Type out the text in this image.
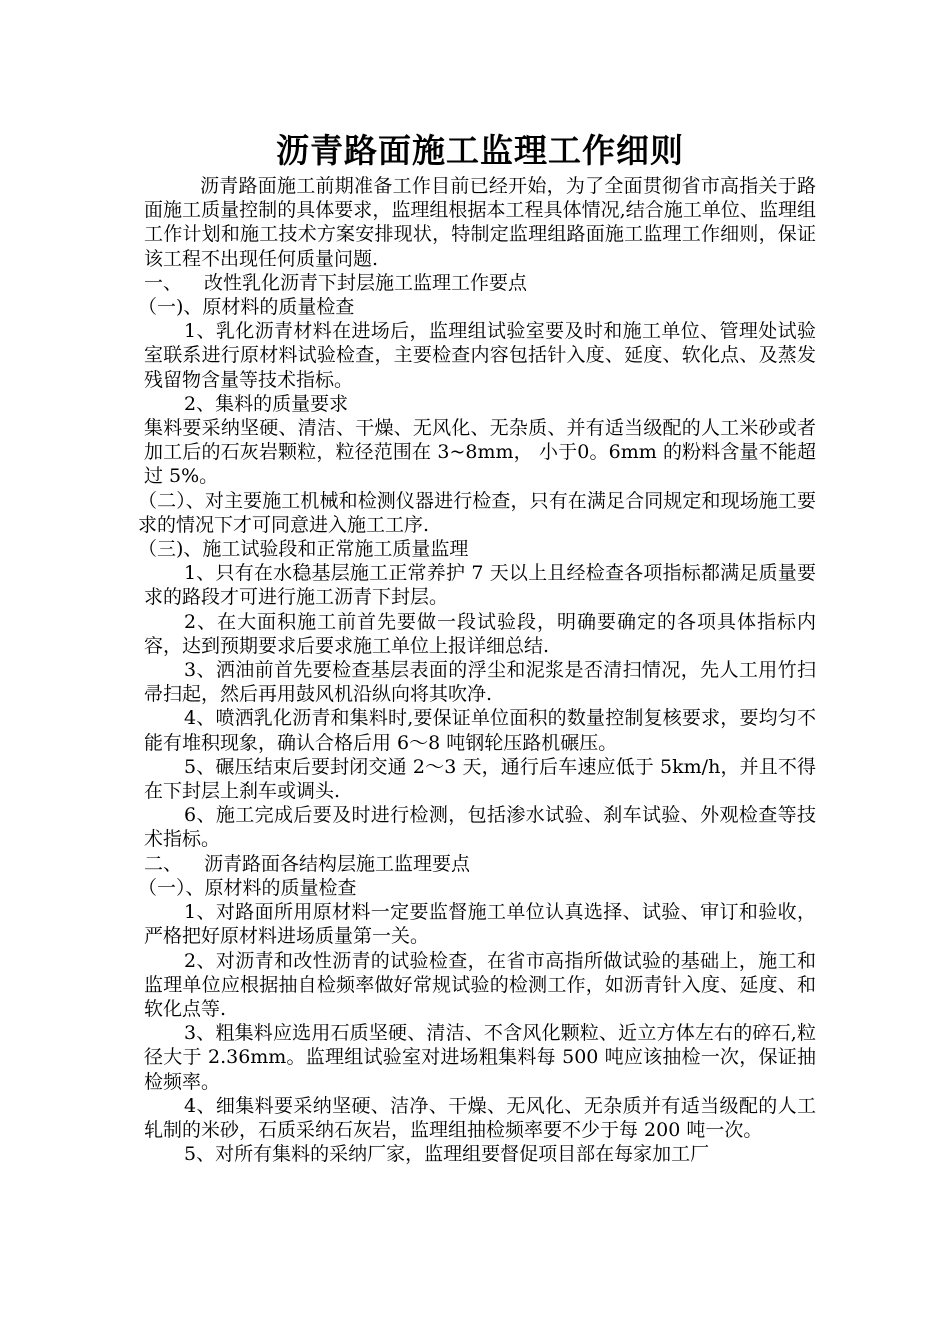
沥青路面施工监理工作细则

沥青路面施工前期准备工作目前已经开始，为了全面贯彻省市高指关于路面施工质量控制的具体要求，监理组根据本工程具体情况,结合施工单位、监理组工作计划和施工技术方案安排现状，特制定监理组路面施工监理工作细则，保证该工程不出现任何质量问题.

一、 改性乳化沥青下封层施工监理工作要点

（一)、原材料的质量检查

1、乳化沥青材料在进场后，监理组试验室要及时和施工单位、管理处试验室联系进行原材料试验检查，主要检查内容包括针入度、延度、软化点、及蒸发残留物含量等技术指标。

2、集料的质量要求

集料要采纳坚硬、清洁、干燥、无风化、无杂质、并有适当级配的人工米砂或者加工后的石灰岩颗粒，粒径范围在 3~8mm， 小于0。6mm 的粉料含量不能超过 5%。

（二）、对主要施工机械和检测仪器进行检查，只有在满足合同规定和现场施工要求的情况下才可同意进入施工工序.

（三)、施工试验段和正常施工质量监理

1、只有在水稳基层施工正常养护 7 天以上且经检查各项指标都满足质量要求的路段才可进行施工沥青下封层。

2、在大面积施工前首先要做一段试验段，明确要确定的各项具体指标内容，达到预期要求后要求施工单位上报详细总结.

3、洒油前首先要检查基层表面的浮尘和泥浆是否清扫情况，先人工用竹扫帚扫起，然后再用鼓风机沿纵向将其吹净.

4、喷洒乳化沥青和集料时,要保证单位面积的数量控制复核要求，要均匀不能有堆积现象，确认合格后用 6～8 吨钢轮压路机碾压。

5、碾压结束后要封闭交通 2～3 天，通行后车速应低于 5km/h，并且不得在下封层上刹车或调头.

6、施工完成后要及时进行检测，包括渗水试验、刹车试验、外观检查等技术指标。

二、 沥青路面各结构层施工监理要点

（一）、原材料的质量检查

1、对路面所用原材料一定要监督施工单位认真选择、试验、审订和验收，严格把好原材料进场质量第一关。

2、对沥青和改性沥青的试验检查，在省市高指所做试验的基础上，施工和监理单位应根据抽自检频率做好常规试验的检测工作，如沥青针入度、延度、和软化点等.

3、粗集料应选用石质坚硬、清洁、不含风化颗粒、近立方体左右的碎石,粒径大于 2.36mm。监理组试验室对进场粗集料每 500 吨应该抽检一次，保证抽检频率。

4、细集料要采纳坚硬、洁净、干燥、无风化、无杂质并有适当级配的人工轧制的米砂，石质采纳石灰岩，监理组抽检频率要不少于每 200 吨一次。

5、对所有集料的采纳厂家，监理组要督促项目部在每家加工厂
